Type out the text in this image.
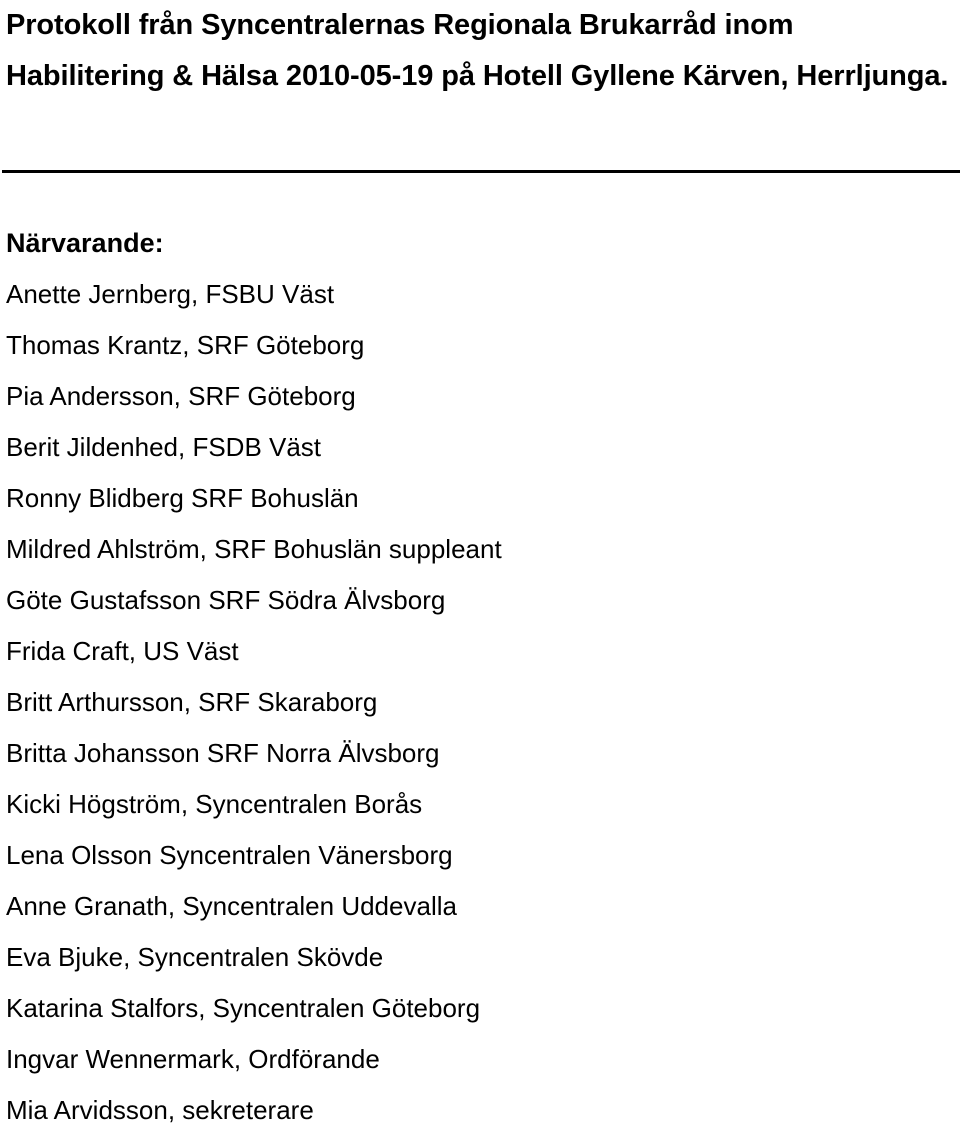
Protokoll från Syncentralernas Regionala Brukarråd inom Habilitering & Hälsa 2010-05-19 på Hotell Gyllene Kärven, Herrljunga.
Närvarande:
Anette Jernberg, FSBU Väst
Thomas Krantz, SRF Göteborg
Pia Andersson, SRF Göteborg
Berit Jildenhed, FSDB Väst
Ronny Blidberg SRF Bohuslän
Mildred Ahlström, SRF Bohuslän suppleant
Göte Gustafsson SRF Södra Älvsborg
Frida Craft, US Väst
Britt Arthursson, SRF Skaraborg
Britta Johansson SRF Norra Älvsborg
Kicki Högström, Syncentralen Borås
Lena Olsson Syncentralen Vänersborg
Anne Granath, Syncentralen Uddevalla
Eva Bjuke, Syncentralen Skövde
Katarina Stalfors, Syncentralen Göteborg
Ingvar Wennermark, Ordförande
Mia Arvidsson, sekreterare
